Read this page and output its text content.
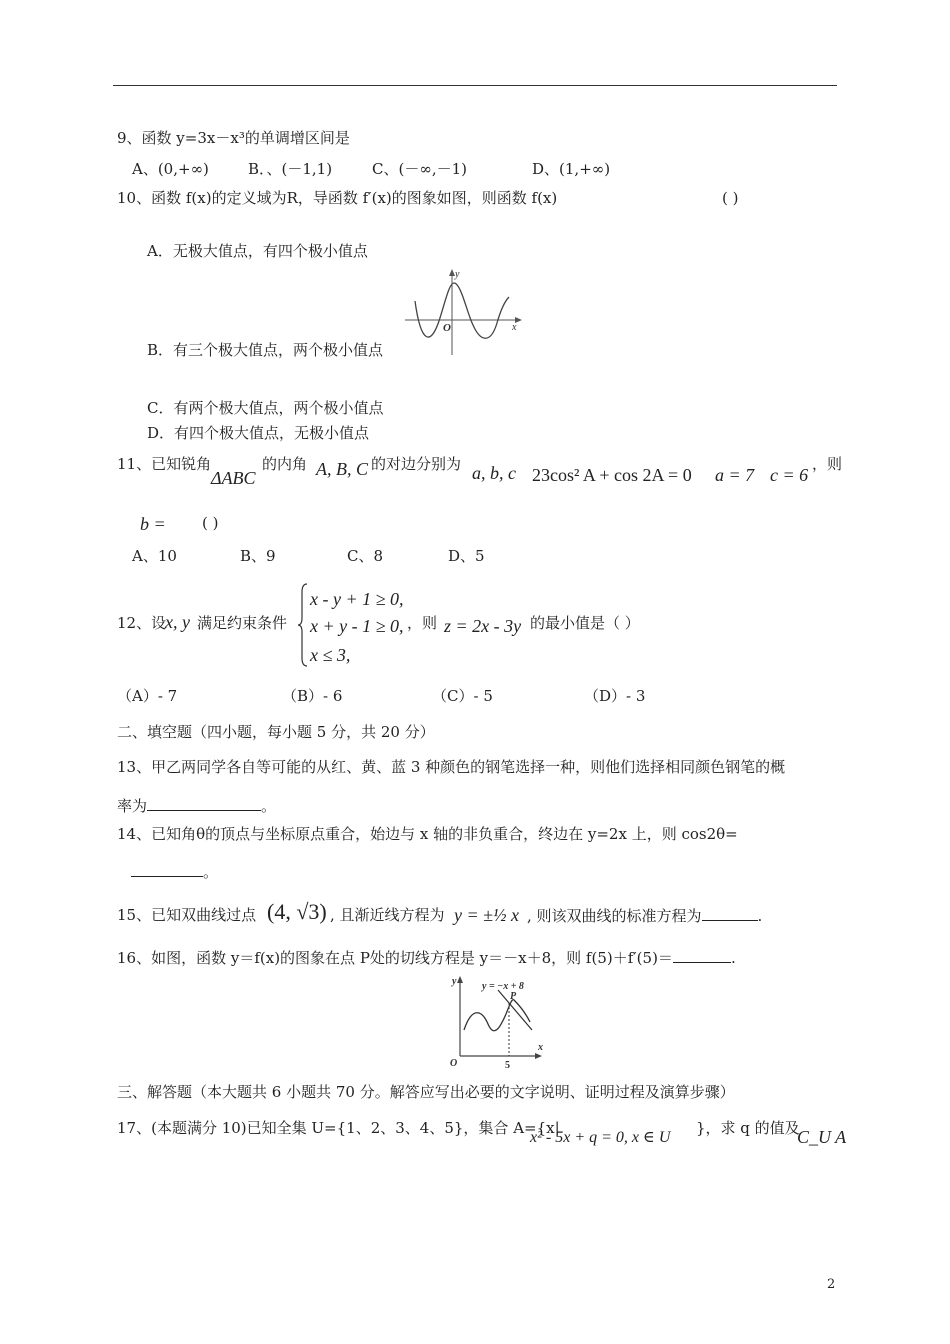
9、函数 y=3x－x³的单调增区间是
A、(0,+∞)	B．、(－1,1)	C、(－∞,－1)	D、(1,+∞)
10、函数 f(x)的定义域为R，导函数 f′(x)的图象如图，则函数 f(x)	( )
A．无极大值点，有四个极小值点
B．有三个极大值点，两个极小值点
C．有两个极大值点，两个极小值点
D．有四个极大值点，无极小值点
O	x
y
11、已知锐角
ΔABC
的内角 A, B, C 的对边分别为 a, b, c 23cos² A + cos 2A = 0 a = 7 c = 6
，则
b = ( )
A、10	B、9	C、8	D、5
12、设
x, y 满足约束条件
x - y + 1 ≥ 0,
x + y - 1 ≥ 0,
x ≤ 3,
，则 z = 2x - 3y 的最小值是（ ）
（A）- 7	（B）- 6	（C）- 5	（D）- 3
二、填空题（四小题，每小题 5 分，共 20 分）
13、甲乙两同学各自等可能的从红、黄、蓝 3 种颜色的钢笔选择一种，则他们选择相同颜色钢笔的概
率为	。
14、已知角θ的顶点与坐标原点重合，始边与 x 轴的非负重合，终边在 y=2x 上，则 cos2θ=
。
15、已知双曲线过点 (4, √3) , 且渐近线方程为 y = ±½ x , 则该双曲线的标准方程为	.
16、如图，函数 y＝f(x)的图象在点 P处的切线方程是 y＝－x＋8，则 f(5)＋f′(5)＝	.
y = −x + 8
P
O	5
x
y
三、解答题（本大题共 6 小题共 70 分。解答应写出必要的文字说明、证明过程及演算步骤）
17、(本题满分 10)已知全集 U={1、2、3、4、5}，集合 A={x|
x² - 5x + q = 0, x ∈ U
}，求 q 的值及
C_U A
2
